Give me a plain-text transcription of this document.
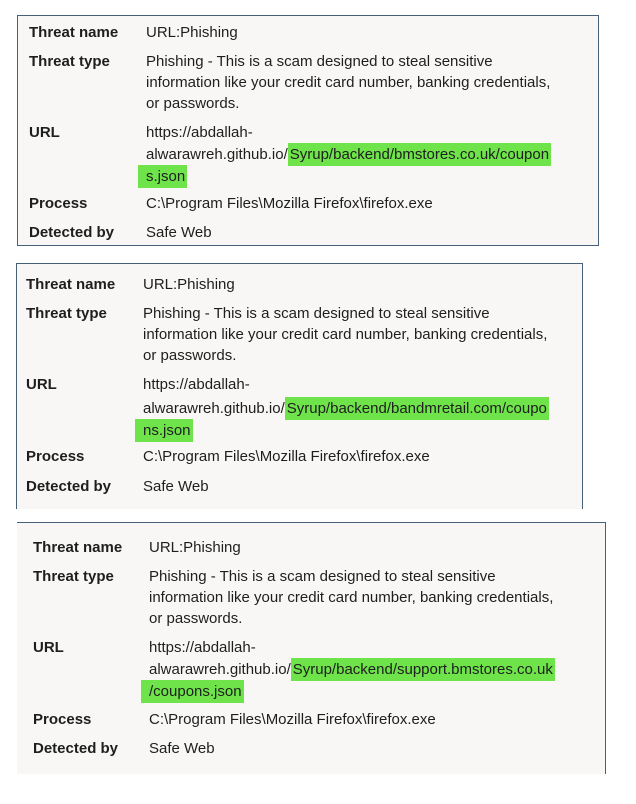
Threat name URL:Phishing
Threat type Phishing - This is a scam designed to steal sensitive
information like your credit card number, banking credentials,
or passwords.
URL	https://abdallah-
alwarawreh.github.io/ Syrup/backend/bmstores.co.uk/coupon
s.json
Process	C:\Program Files\Mozilla Firefox\firefox.exe
Detected by Safe Web
Threat name URL:Phishing
Threat type Phishing - This is a scam designed to steal sensitive
information like your credit card number, banking credentials,
or passwords.
URL	https://abdallah-
alwarawreh.github.io/ Syrup/backend/bandmretail.com/coupo
ns.json
Process	C:\Program Files\Mozilla Firefox\firefox.exe
Detected by Safe Web
Threat name URL:Phishing
Threat type Phishing - This is a scam designed to steal sensitive
information like your credit card number, banking credentials,
or passwords.
URL	https://abdallah-
alwarawreh.github.io/ Syrup/backend/support.bmstores.co.uk
/coupons.json
Process	C:\Program Files\Mozilla Firefox\firefox.exe
Detected by Safe Web
